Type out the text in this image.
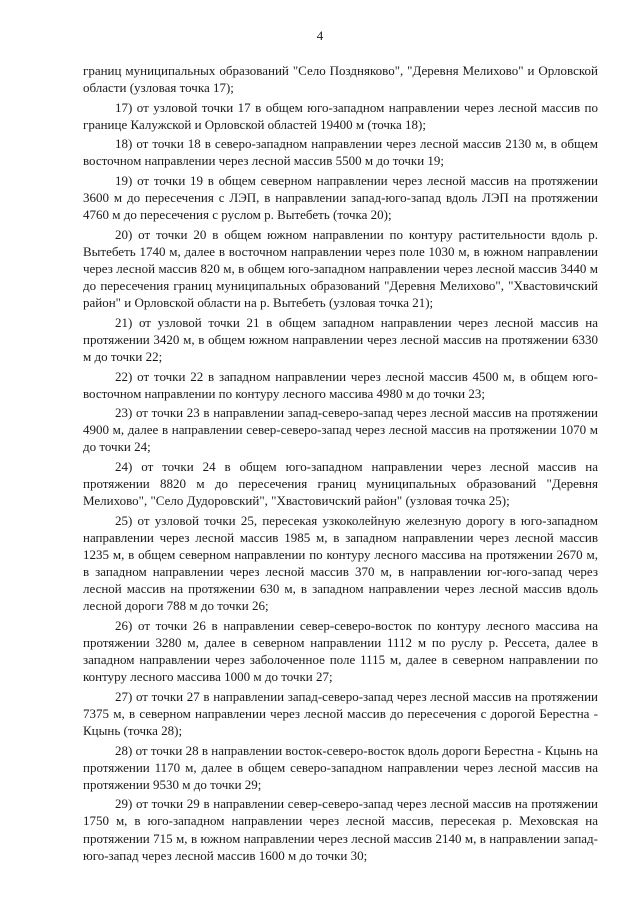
4

границ муниципальных образований "Село Поздняково", "Деревня Мелихово" и Орловской области (узловая точка 17);

17) от узловой точки 17 в общем юго-западном направлении через лесной массив по границе Калужской и Орловской областей 19400 м (точка 18);

18) от точки 18 в северо-западном направлении через лесной массив 2130 м, в общем восточном направлении через лесной массив 5500 м до точки 19;

19) от точки 19 в общем северном направлении через лесной массив на протяжении 3600 м до пересечения с ЛЭП, в направлении запад-юго-запад вдоль ЛЭП на протяжении 4760 м до пересечения с руслом р. Вытебеть (точка 20);

20) от точки 20 в общем южном направлении по контуру растительности вдоль р. Вытебеть 1740 м, далее в восточном направлении через поле 1030 м, в южном направлении через лесной массив 820 м, в общем юго-западном направлении через лесной массив 3440 м до пересечения границ муниципальных образований "Деревня Мелихово", "Хвастовичский район" и Орловской области на р. Вытебеть (узловая точка 21);

21) от узловой точки 21 в общем западном направлении через лесной массив на протяжении 3420 м, в общем южном направлении через лесной массив на протяжении 6330 м до точки 22;

22) от точки 22 в западном направлении через лесной массив 4500 м, в общем юго-восточном направлении по контуру лесного массива 4980 м до точки 23;

23) от точки 23 в направлении запад-северо-запад через лесной массив на протяжении 4900 м, далее в направлении север-северо-запад через лесной массив на протяжении 1070 м до точки 24;

24) от точки 24 в общем юго-западном направлении через лесной массив на протяжении 8820 м до пересечения границ муниципальных образований "Деревня Мелихово", "Село Дудоровский", "Хвастовичский район" (узловая точка 25);

25) от узловой точки 25, пересекая узкоколейную железную дорогу в юго-западном направлении через лесной массив 1985 м, в западном направлении через лесной массив 1235 м, в общем северном направлении по контуру лесного массива на протяжении 2670 м, в западном направлении через лесной массив 370 м, в направлении юг-юго-запад через лесной массив на протяжении 630 м, в западном направлении через лесной массив вдоль лесной дороги 788 м до точки 26;

26) от точки 26 в направлении север-северо-восток по контуру лесного массива на протяжении 3280 м, далее в северном направлении 1112 м по руслу р. Рессета, далее в западном направлении через заболоченное поле 1115 м, далее в северном направлении по контуру лесного массива 1000 м до точки 27;

27) от точки 27 в направлении запад-северо-запад через лесной массив на протяжении 7375 м, в северном направлении через лесной массив до пересечения с дорогой Берестна - Кцынь (точка 28);

28) от точки 28 в направлении восток-северо-восток вдоль дороги Берестна - Кцынь на протяжении 1170 м, далее в общем северо-западном направлении через лесной массив на протяжении 9530 м до точки 29;

29) от точки 29 в направлении север-северо-запад через лесной массив на протяжении 1750 м, в юго-западном направлении через лесной массив, пересекая р. Меховская на протяжении 715 м, в южном направлении через лесной массив 2140 м, в направлении запад-юго-запад через лесной массив 1600 м до точки 30;
